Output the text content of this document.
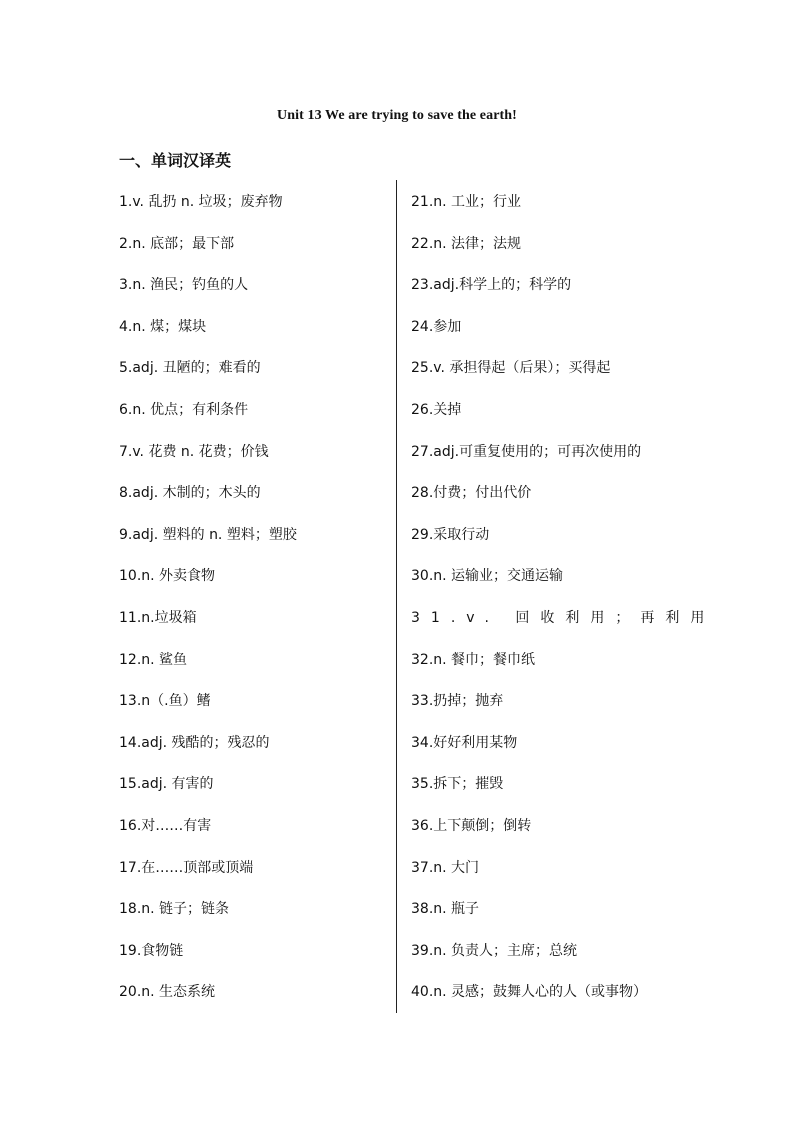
Unit 13 We are trying to save the earth!
一、单词汉译英
1.v. 乱扔 n. 垃圾；废弃物
2.n. 底部；最下部
3.n. 渔民；钓鱼的人
4.n. 煤；煤块
5.adj. 丑陋的；难看的
6.n. 优点；有利条件
7.v. 花费 n. 花费；价钱
8.adj. 木制的；木头的
9.adj. 塑料的 n. 塑料；塑胶
10.n. 外卖食物
11.n.垃圾箱
12.n. 鲨鱼
13.n（.鱼）鳍
14.adj. 残酷的；残忍的
15.adj. 有害的
16.对……有害
17.在……顶部或顶端
18.n. 链子；链条
19.食物链
20.n. 生态系统
21.n. 工业；行业
22.n. 法律；法规
23.adj.科学上的；科学的
24.参加
25.v. 承担得起（后果）；买得起
26.关掉
27.adj.可重复使用的；可再次使用的
28.付费；付出代价
29.采取行动
30.n. 运输业；交通运输
31.v. 回收利用；再利用
32.n. 餐巾；餐巾纸
33.扔掉；抛弃
34.好好利用某物
35.拆下；摧毁
36.上下颠倒；倒转
37.n. 大门
38.n. 瓶子
39.n. 负责人；主席；总统
40.n. 灵感；鼓舞人心的人（或事物）
